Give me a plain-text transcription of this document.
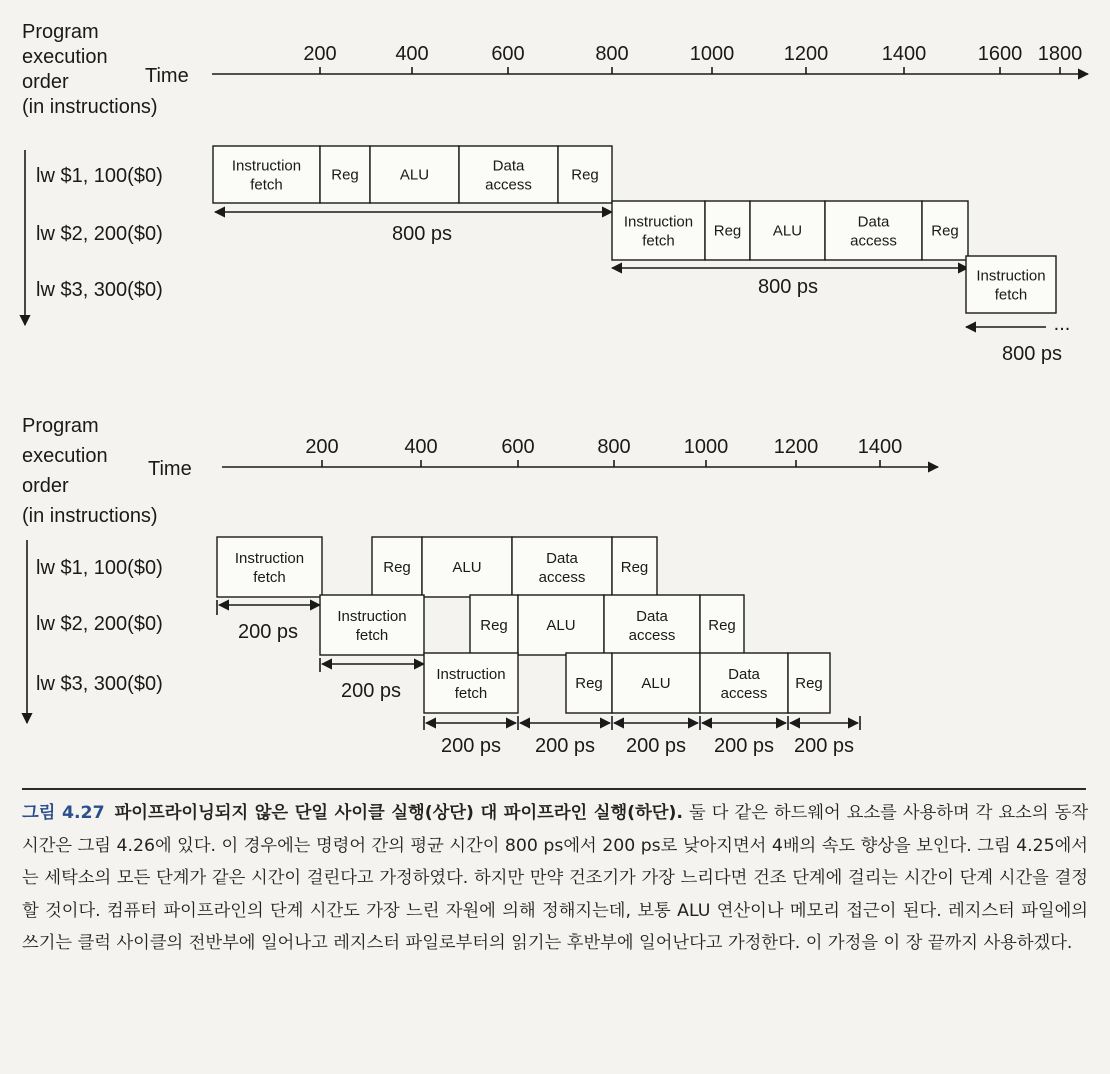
Program execution order (in instructions)
Time
200	400	600	800	1000 1200	1400	1600 1800
lw $1, 100($0)
lw $2, 200($0)
lw $3, 300($0)
Instruction fetch
Reg	ALU
Data access
Reg
800 ps
Instruction fetch
Reg ALU
Data access
Reg
800 ps	Instruction fetch
...
800 ps
Program execution order (in instructions)
Time
200	400	600	800	1000 1200 1400
lw $1, 100($0)
lw $2, 200($0)
lw $3, 300($0)
Instruction fetch
Reg	ALU
Data access
Reg
Instruction fetch
Reg	ALU
Data access
Reg
Instruction fetch
Reg	ALU
Data access
Reg
200 ps
200 ps
200 ps 200 ps 200 ps 200 ps 200 ps
그림 4.27 파이프라이닝되지 않은 단일 사이클 실행(상단) 대 파이프라인 실행(하단). 둘 다 같은 하드웨어 요소를 사용하며 각 요소의 동작 시간은 그림 4.26에 있다. 이 경우에는 명령어 간의 평균 시간이 800 ps에서 200 ps로 낮아지면서 4배의 속도 향상을 보인다. 그림 4.25에서는 세탁소의 모든 단계가 같은 시간이 걸린다고 가정하였다. 하지만 만약 건조기가 가장 느리다면 건조 단계에 걸리는 시간이 단계 시간을 결정할 것이다. 컴퓨터 파이프라인의 단계 시간도 가장 느린 자원에 의해 정해지는데, 보통 ALU 연산이나 메모리 접근이 된다. 레지스터 파일에의 쓰기는 클럭 사이클의 전반부에 일어나고 레지스터 파일로부터의 읽기는 후반부에 일어난다고 가정한다. 이 가정을 이 장 끝까지 사용하겠다.
